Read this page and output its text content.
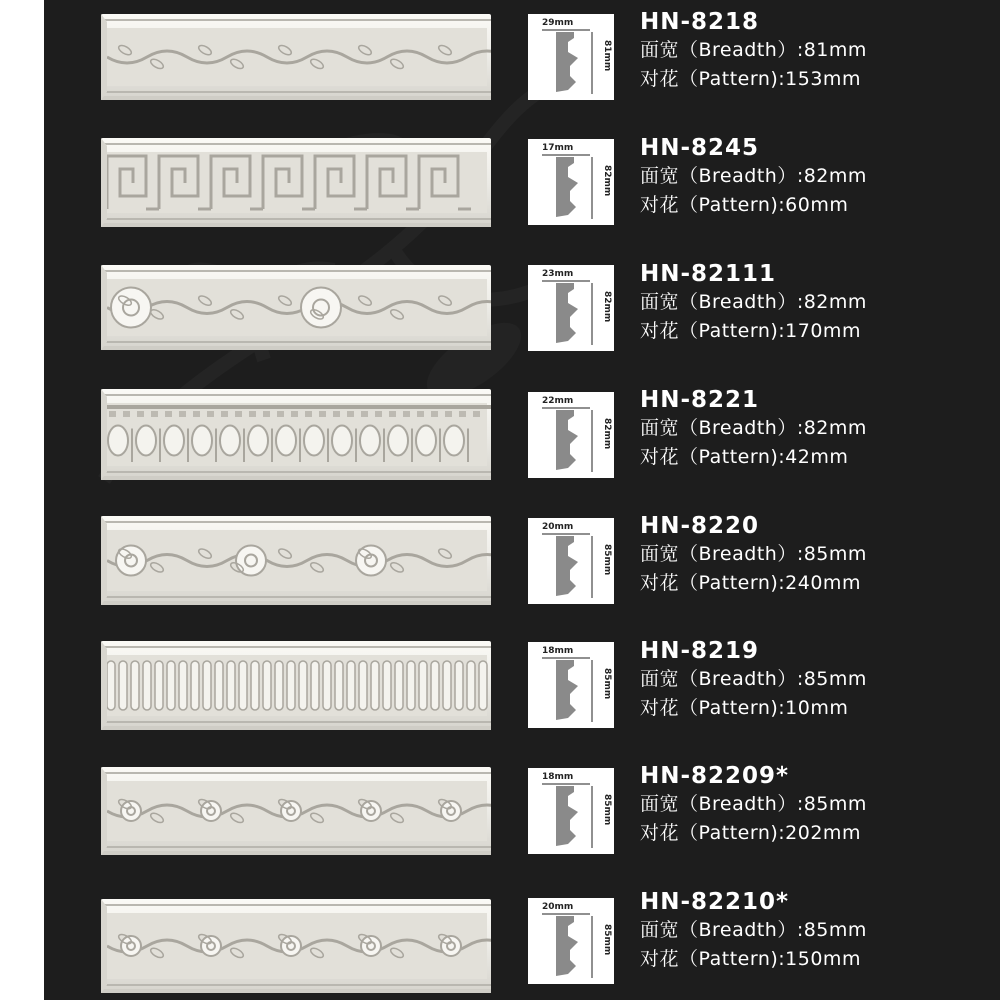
29mm
81mm
HN-8218
面宽（Breadth）:81mm
对花（Pattern):153mm
17mm
82mm
HN-8245
面宽（Breadth）:82mm
对花（Pattern):60mm
23mm
82mm
HN-82111
面宽（Breadth）:82mm
对花（Pattern):170mm
22mm
82mm
HN-8221
面宽（Breadth）:82mm
对花（Pattern):42mm
20mm
85mm
HN-8220
面宽（Breadth）:85mm
对花（Pattern):240mm
18mm
85mm
HN-8219
面宽（Breadth）:85mm
对花（Pattern):10mm
18mm
85mm
HN-82209*
面宽（Breadth）:85mm
对花（Pattern):202mm
20mm
85mm
HN-82210*
面宽（Breadth）:85mm
对花（Pattern):150mm
